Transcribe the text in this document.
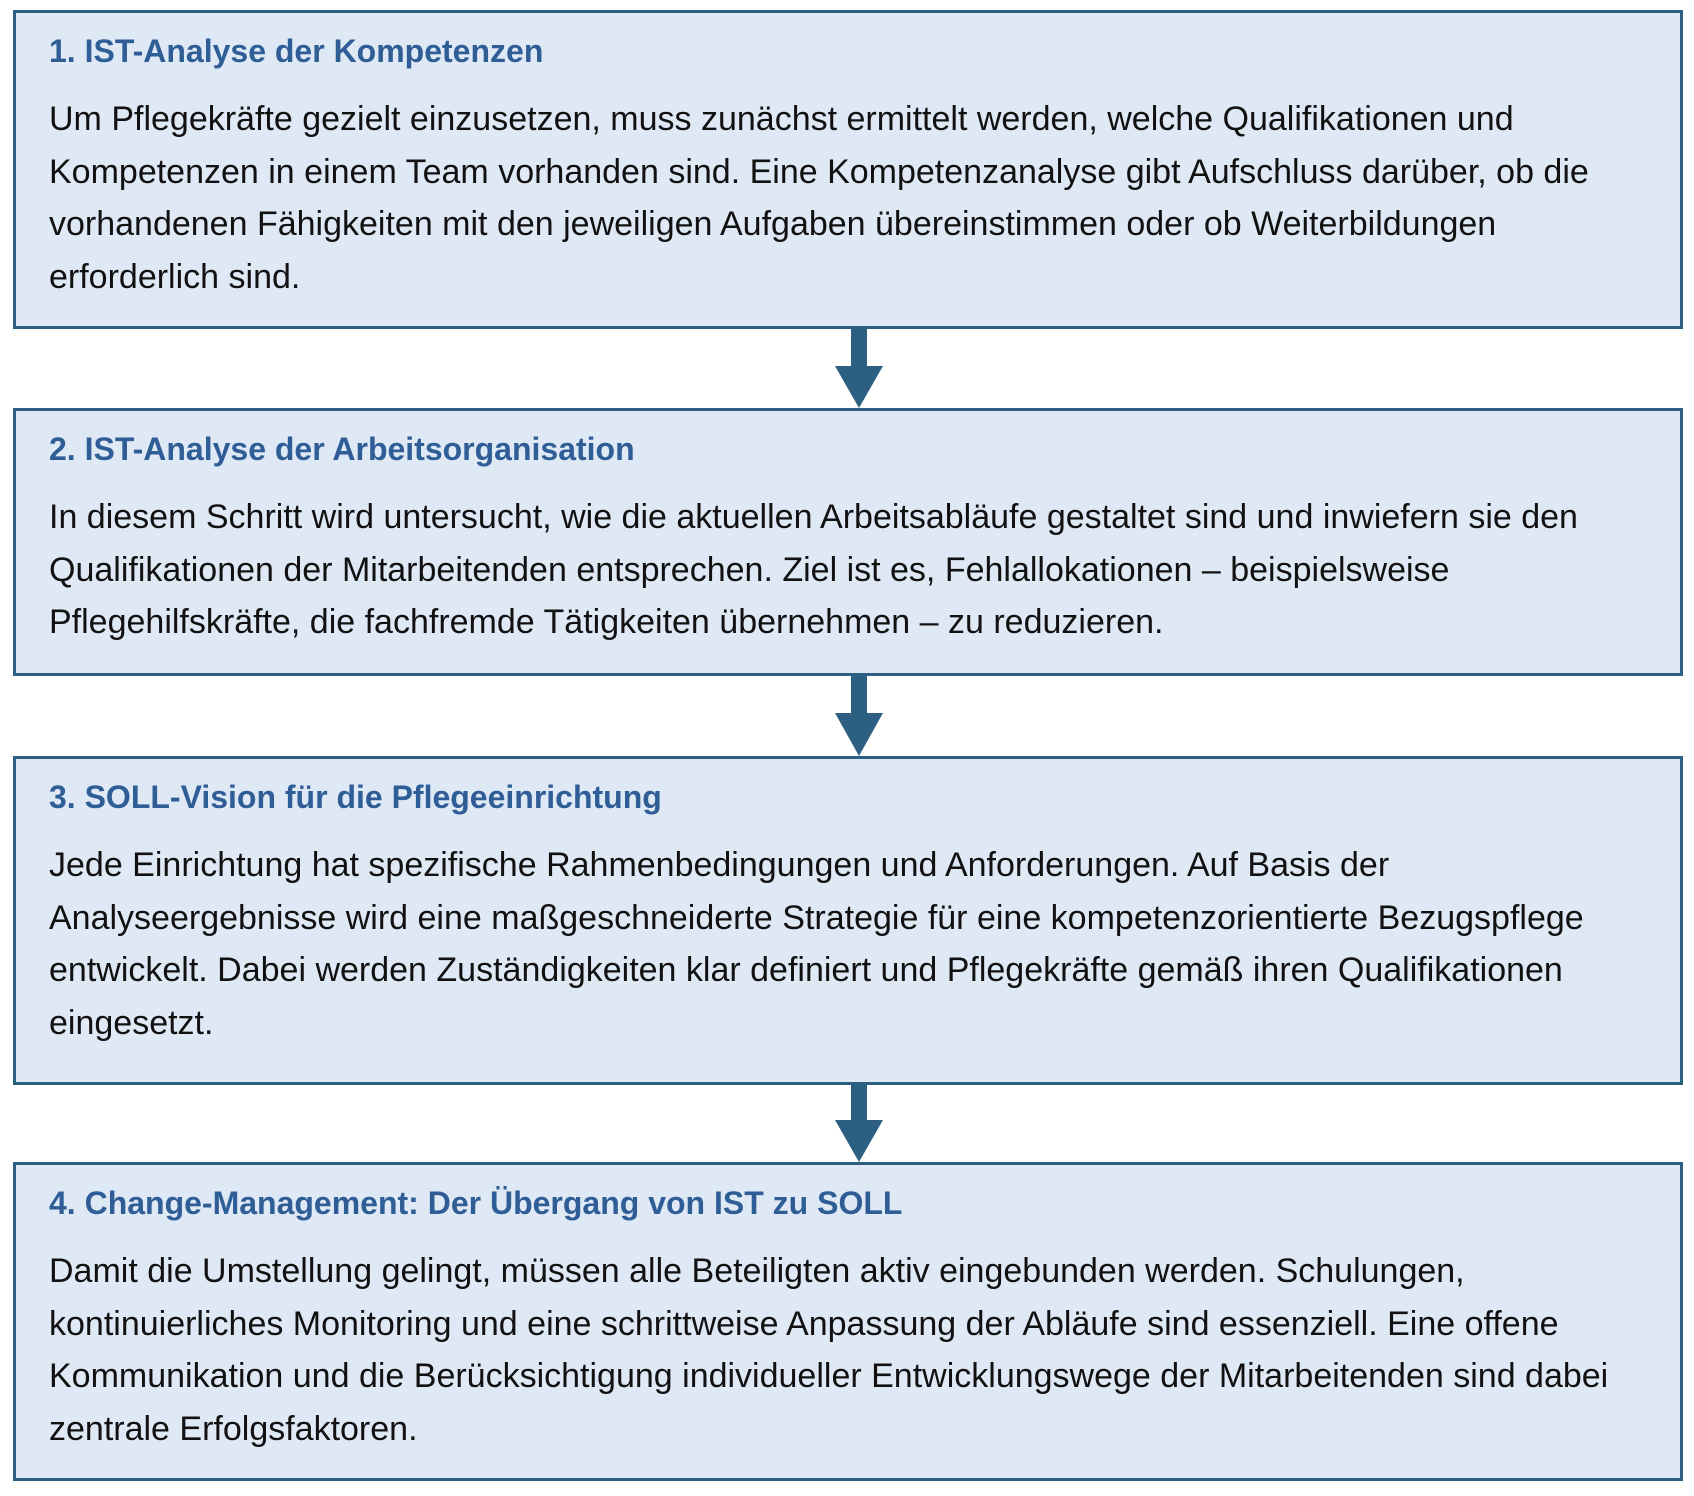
1. IST-Analyse der Kompetenzen
Um Pflegekräfte gezielt einzusetzen, muss zunächst ermittelt werden, welche Qualifikationen und Kompetenzen in einem Team vorhanden sind. Eine Kompetenzanalyse gibt Aufschluss darüber, ob die vorhandenen Fähigkeiten mit den jeweiligen Aufgaben übereinstimmen oder ob Weiterbildungen erforderlich sind.
2. IST-Analyse der Arbeitsorganisation
In diesem Schritt wird untersucht, wie die aktuellen Arbeitsabläufe gestaltet sind und inwiefern sie den Qualifikationen der Mitarbeitenden entsprechen. Ziel ist es, Fehlallokationen – beispielsweise Pflegehilfskräfte, die fachfremde Tätigkeiten übernehmen – zu reduzieren.
3. SOLL-Vision für die Pflegeeinrichtung
Jede Einrichtung hat spezifische Rahmenbedingungen und Anforderungen. Auf Basis der Analyseergebnisse wird eine maßgeschneiderte Strategie für eine kompetenzorientierte Bezugspflege entwickelt. Dabei werden Zuständigkeiten klar definiert und Pflegekräfte gemäß ihren Qualifikationen eingesetzt.
4. Change-Management: Der Übergang von IST zu SOLL
Damit die Umstellung gelingt, müssen alle Beteiligten aktiv eingebunden werden. Schulungen, kontinuierliches Monitoring und eine schrittweise Anpassung der Abläufe sind essenziell. Eine offene Kommunikation und die Berücksichtigung individueller Entwicklungswege der Mitarbeitenden sind dabei zentrale Erfolgsfaktoren.
